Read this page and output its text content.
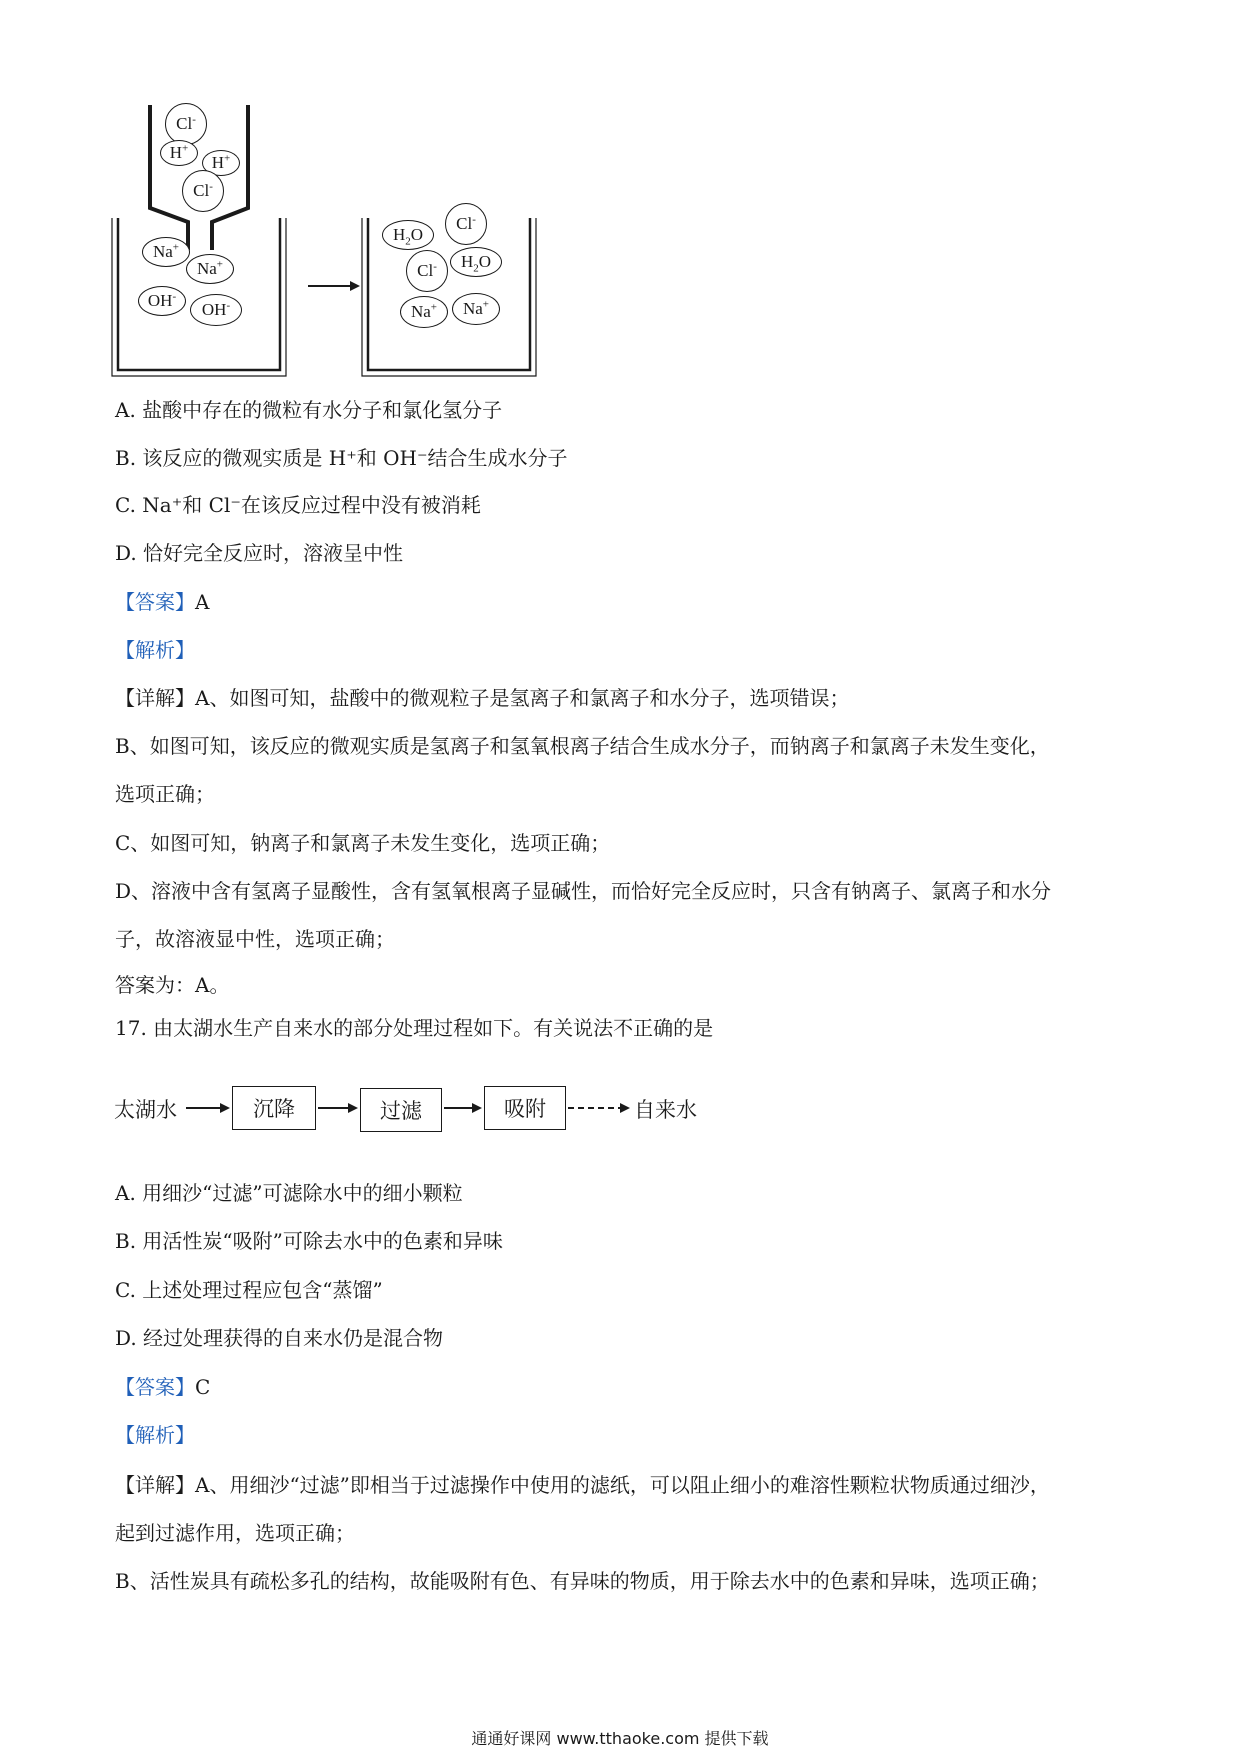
Cl-
H+
H+
Cl-
Na+
Na+
OH-
OH-
$H_2O$
Cl-
Cl- $H_2O$
Na+ Na+
A. 盐酸中存在的微粒有水分子和氯化氢分子
B. 该反应的微观实质是 H⁺和 OH⁻结合生成水分子
C. Na⁺和 Cl⁻在该反应过程中没有被消耗
D. 恰好完全反应时，溶液呈中性
【答案】A
【解析】
【详解】A、如图可知，盐酸中的微观粒子是氢离子和氯离子和水分子，选项错误；
B、如图可知，该反应的微观实质是氢离子和氢氧根离子结合生成水分子，而钠离子和氯离子未发生变化，
选项正确；
C、如图可知，钠离子和氯离子未发生变化，选项正确；
D、溶液中含有氢离子显酸性，含有氢氧根离子显碱性，而恰好完全反应时，只含有钠离子、氯离子和水分
子，故溶液显中性，选项正确；
答案为：A。
17. 由太湖水生产自来水的部分处理过程如下。有关说法不正确的是
太湖水	沉降	过滤	吸附	自来水
A. 用细沙“过滤”可滤除水中的细小颗粒
B. 用活性炭“吸附”可除去水中的色素和异味
C. 上述处理过程应包含“蒸馏”
D. 经过处理获得的自来水仍是混合物
【答案】C
【解析】
【详解】A、用细沙“过滤”即相当于过滤操作中使用的滤纸，可以阻止细小的难溶性颗粒状物质通过细沙，
起到过滤作用，选项正确；
B、活性炭具有疏松多孔的结构，故能吸附有色、有异味的物质，用于除去水中的色素和异味，选项正确；
通通好课网 www.tthaoke.com 提供下载
